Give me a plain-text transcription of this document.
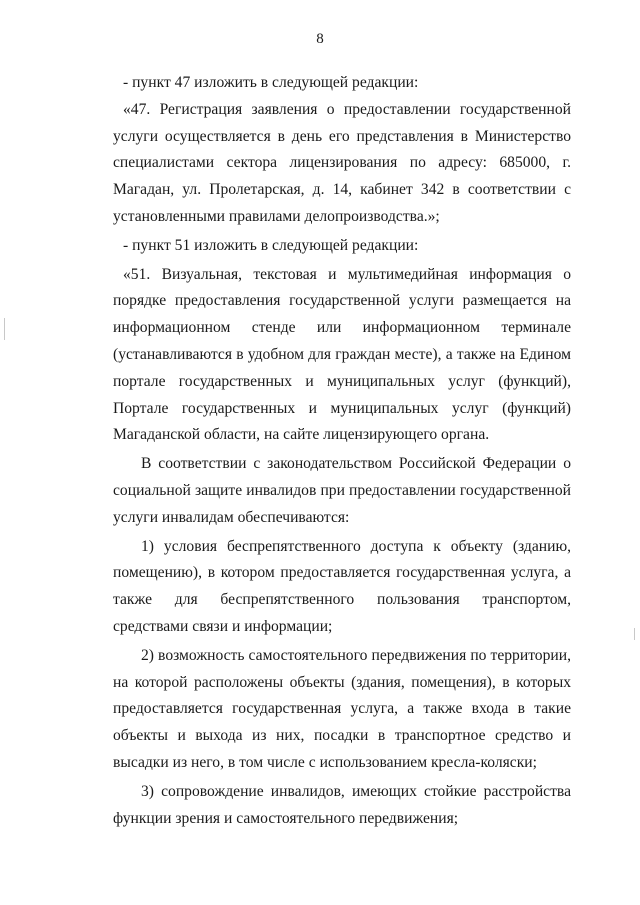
8

- пункт 47 изложить в следующей редакции:

«47. Регистрация заявления о предоставлении государственной услуги осуществляется в день его представления в Министерство специалистами сектора лицензирования по адресу: 685000, г. Магадан, ул. Пролетарская, д. 14, кабинет 342 в соответствии с установленными правилами делопроизводства.»;

- пункт 51 изложить в следующей редакции:

«51. Визуальная, текстовая и мультимедийная информация о порядке предоставления государственной услуги размещается на информационном стенде или информационном терминале (устанавливаются в удобном для граждан месте), а также на Едином портале государственных и муниципальных услуг (функций), Портале государственных и муниципальных услуг (функций) Магаданской области, на сайте лицензирующего органа.

В соответствии с законодательством Российской Федерации о социальной защите инвалидов при предоставлении государственной услуги инвалидам обеспечиваются:

1) условия беспрепятственного доступа к объекту (зданию, помещению), в котором предоставляется государственная услуга, а также для беспрепятственного пользования транспортом, средствами связи и информации;

2) возможность самостоятельного передвижения по территории, на которой расположены объекты (здания, помещения), в которых предоставляется государственная услуга, а также входа в такие объекты и выхода из них, посадки в транспортное средство и высадки из него, в том числе с использованием кресла-коляски;

3) сопровождение инвалидов, имеющих стойкие расстройства функции зрения и самостоятельного передвижения;
